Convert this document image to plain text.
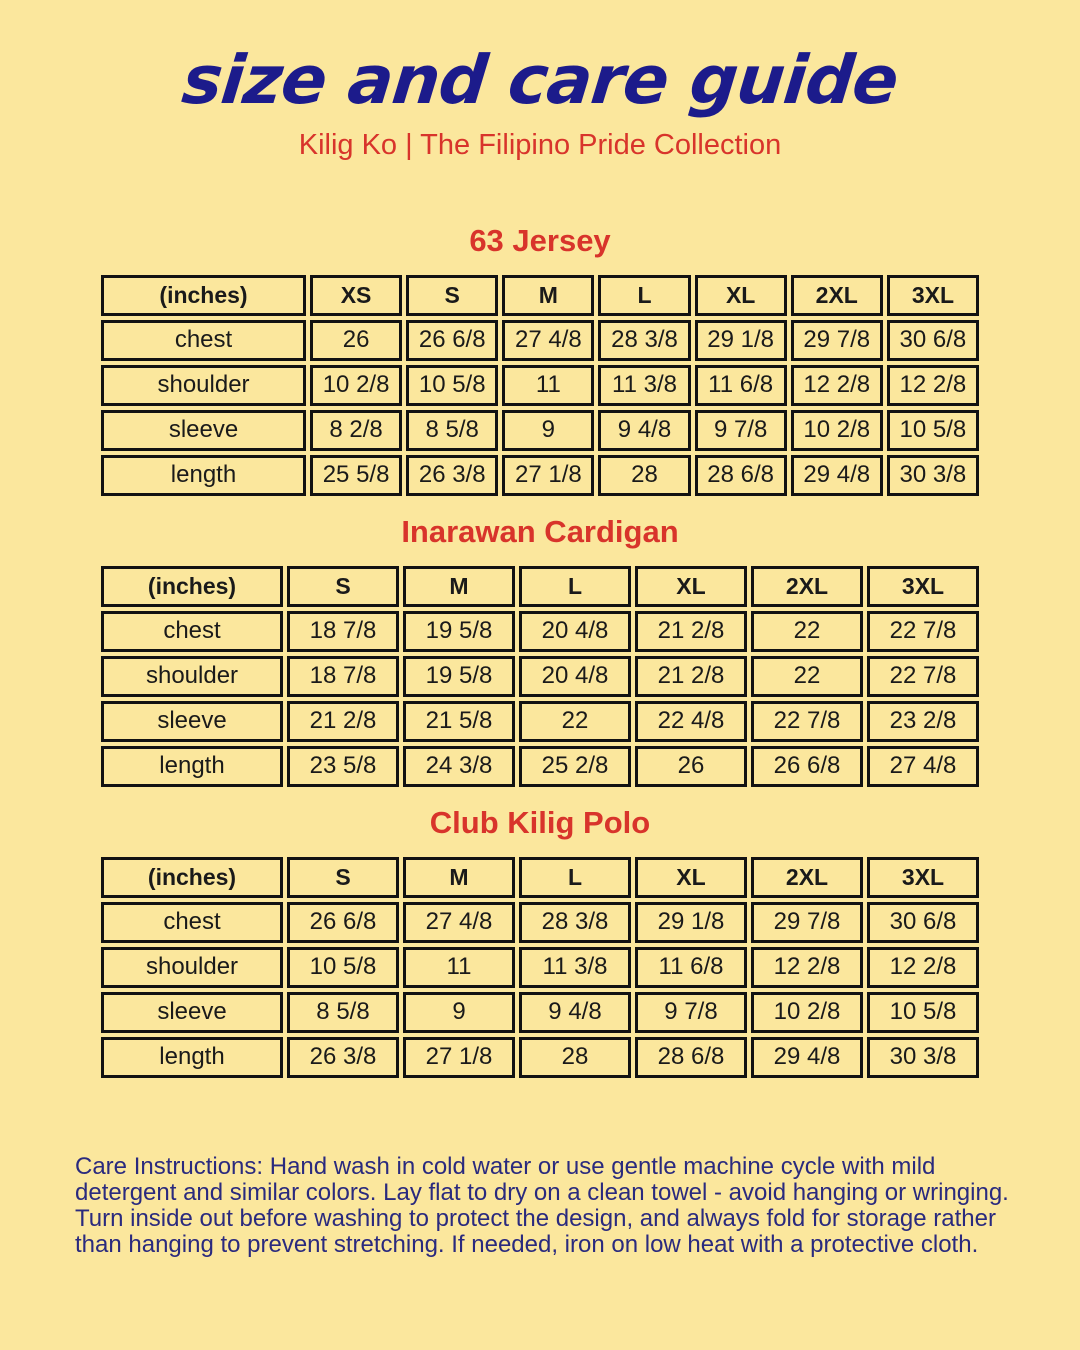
size and care guide

Kilig Ko | The Filipino Pride Collection

63 Jersey
(inches)	XS	S	M	L	XL	2XL	3XL
chest	26	26 6/8	27 4/8	28 3/8	29 1/8	29 7/8	30 6/8
shoulder	10 2/8	10 5/8	11	11 3/8	11 6/8	12 2/8	12 2/8
sleeve	8 2/8	8 5/8	9	9 4/8	9 7/8	10 2/8	10 5/8
length	25 5/8	26 3/8	27 1/8	28	28 6/8	29 4/8	30 3/8
Inarawan Cardigan
(inches)	S	M	L	XL	2XL	3XL
chest	18 7/8	19 5/8	20 4/8	21 2/8	22	22 7/8
shoulder	18 7/8	19 5/8	20 4/8	21 2/8	22	22 7/8
sleeve	21 2/8	21 5/8	22	22 4/8	22 7/8	23 2/8
length	23 5/8	24 3/8	25 2/8	26	26 6/8	27 4/8
Club Kilig Polo
(inches)	S	M	L	XL	2XL	3XL
chest	26 6/8	27 4/8	28 3/8	29 1/8	29 7/8	30 6/8
shoulder	10 5/8	11	11 3/8	11 6/8	12 2/8	12 2/8
sleeve	8 5/8	9	9 4/8	9 7/8	10 2/8	10 5/8
length	26 3/8	27 1/8	28	28 6/8	29 4/8	30 3/8

Care Instructions: Hand wash in cold water or use gentle machine cycle with mild detergent and similar colors. Lay flat to dry on a clean towel - avoid hanging or wringing. Turn inside out before washing to protect the design, and always fold for storage rather than hanging to prevent stretching. If needed, iron on low heat with a protective cloth.
